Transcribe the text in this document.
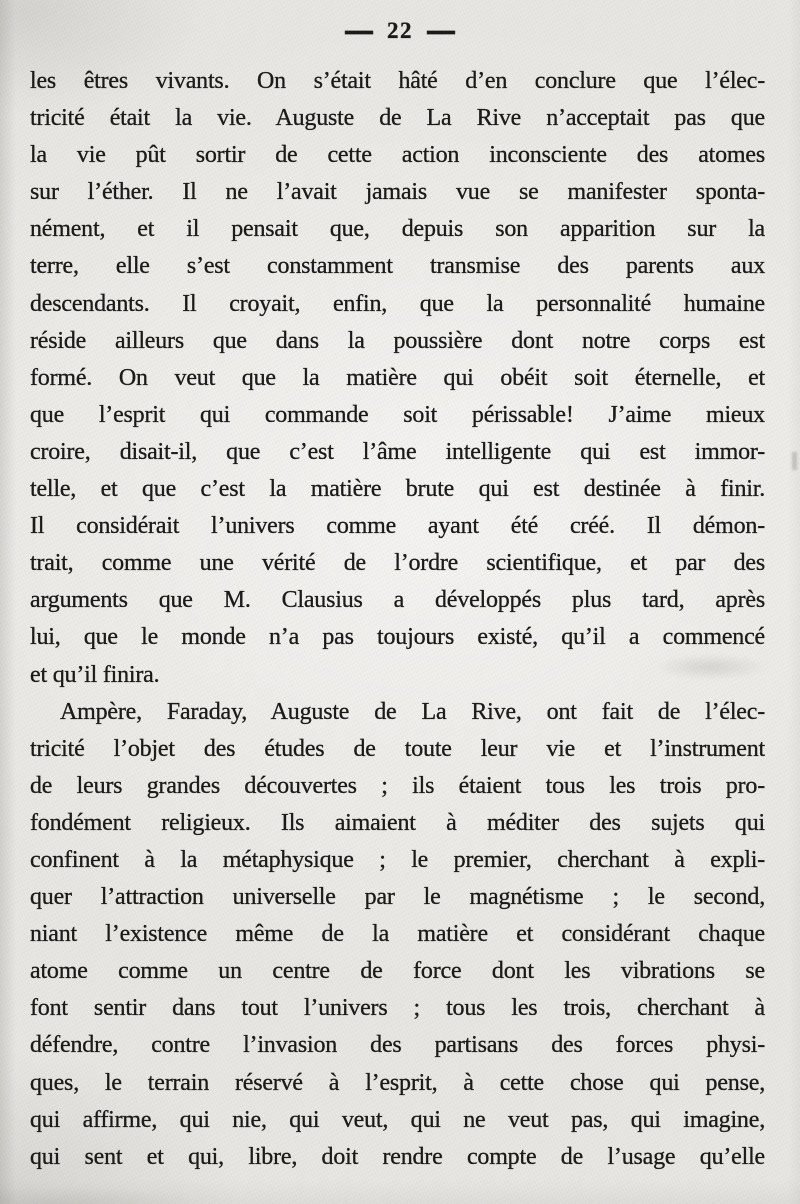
— 22 —
les êtres vivants. On s’était hâté d’en conclure que l’élec-
tricité était la vie. Auguste de La Rive n’acceptait pas que
la vie pût sortir de cette action inconsciente des atomes
sur l’éther. Il ne l’avait jamais vue se manifester sponta-
nément, et il pensait que, depuis son apparition sur la
terre, elle s’est constamment transmise des parents aux
descendants. Il croyait, enfin, que la personnalité humaine
réside ailleurs que dans la poussière dont notre corps est
formé. On veut que la matière qui obéit soit éternelle, et
que l’esprit qui commande soit périssable! J’aime mieux
croire, disait-il, que c’est l’âme intelligente qui est immor-
telle, et que c’est la matière brute qui est destinée à finir.
Il considérait l’univers comme ayant été créé. Il démon-
trait, comme une vérité de l’ordre scientifique, et par des
arguments que M. Clausius a développés plus tard, après
lui, que le monde n’a pas toujours existé, qu’il a commencé
et qu’il finira.
Ampère, Faraday, Auguste de La Rive, ont fait de l’élec-
tricité l’objet des études de toute leur vie et l’instrument
de leurs grandes découvertes ; ils étaient tous les trois pro-
fondément religieux. Ils aimaient à méditer des sujets qui
confinent à la métaphysique ; le premier, cherchant à expli-
quer l’attraction universelle par le magnétisme ; le second,
niant l’existence même de la matière et considérant chaque
atome comme un centre de force dont les vibrations se
font sentir dans tout l’univers ; tous les trois, cherchant à
défendre, contre l’invasion des partisans des forces physi-
ques, le terrain réservé à l’esprit, à cette chose qui pense,
qui affirme, qui nie, qui veut, qui ne veut pas, qui imagine,
qui sent et qui, libre, doit rendre compte de l’usage qu’elle
